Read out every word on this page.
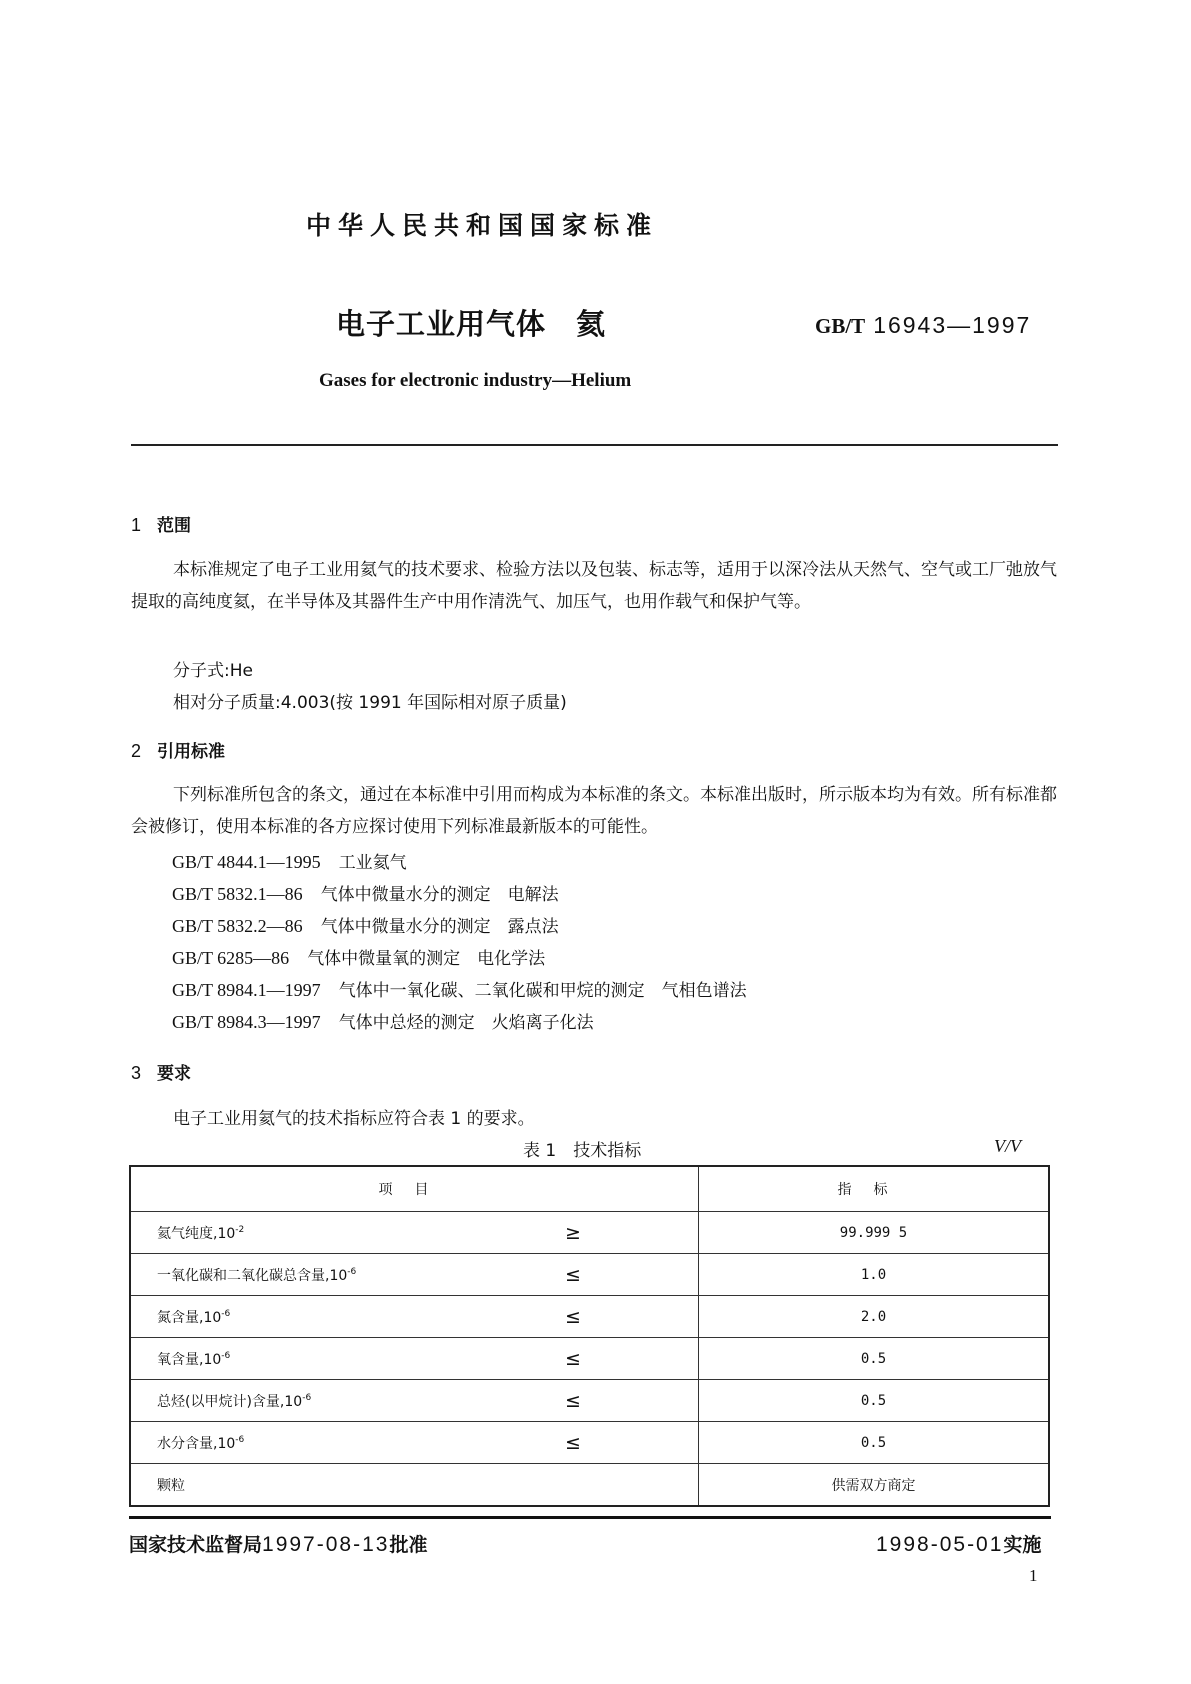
中华人民共和国国家标准
电子工业用气体 氦	GB/T 16943—1997
Gases for electronic industry—Helium
1 范围
本标准规定了电子工业用氦气的技术要求、检验方法以及包装、标志等，适用于以深冷法从天然气、空气或工厂弛放气提取的高纯度氦，在半导体及其器件生产中用作清洗气、加压气，也用作载气和保护气等。
分子式:He
相对分子质量:4.003(按 1991 年国际相对原子质量)
2 引用标准
下列标准所包含的条文，通过在本标准中引用而构成为本标准的条文。本标准出版时，所示版本均为有效。所有标准都会被修订，使用本标准的各方应探讨使用下列标准最新版本的可能性。
GB/T 4844.1—1995 工业氦气
GB/T 5832.1—86 气体中微量水分的测定　电解法
GB/T 5832.2—86 气体中微量水分的测定　露点法
GB/T 6285—86 气体中微量氧的测定　电化学法
GB/T 8984.1—1997 气体中一氧化碳、二氧化碳和甲烷的测定　气相色谱法
GB/T 8984.3—1997 气体中总烃的测定　火焰离子化法
3 要求
电子工业用氦气的技术指标应符合表 1 的要求。
表 1　技术指标	V/V
项目		指标
氦气纯度$,10^{-2}$	≥	99.999 5
一氧化碳和二氧化碳总含量$,10^{-6}$	≤	1.0
氮含量$,10^{-6}$	≤	2.0
氧含量$,10^{-6}$	≤	0.5
总烃(以甲烷计)含量$,10^{-6}$	≤	0.5
水分含量$,10^{-6}$	≤	0.5
颗粒		供需双方商定
国家技术监督局1997-08-13批准	1998-05-01实施
1
